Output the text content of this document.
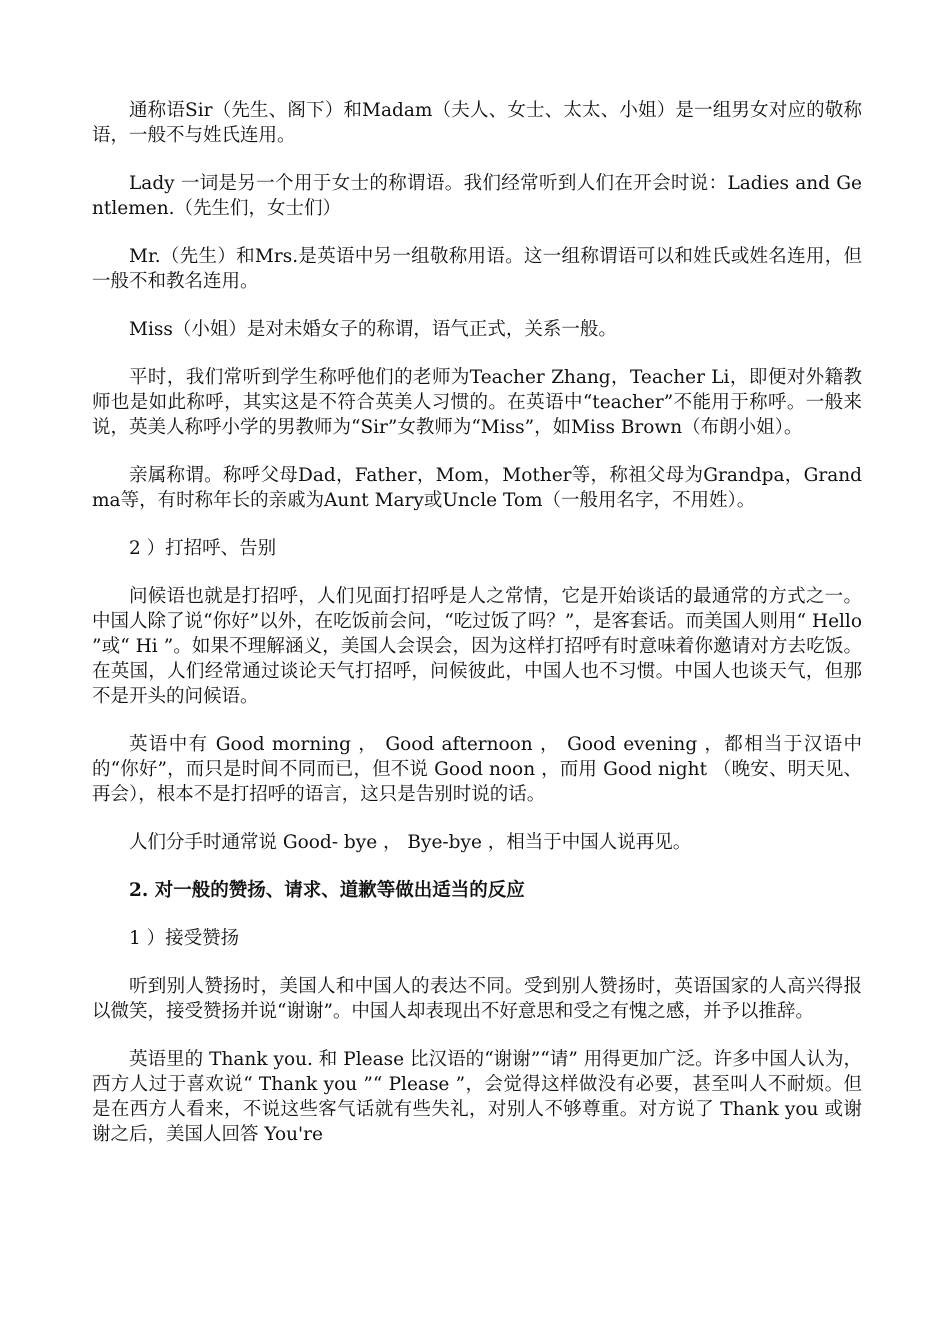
通称语Sir（先生、阁下）和Madam（夫人、女士、太太、小姐）是一组男女对应的敬称语，一般不与姓氏连用。

Lady 一词是另一个用于女士的称谓语。我们经常听到人们在开会时说：Ladies and Gentlemen.（先生们，女士们）

Mr.（先生）和Mrs.是英语中另一组敬称用语。这一组称谓语可以和姓氏或姓名连用，但一般不和教名连用。

Miss（小姐）是对未婚女子的称谓，语气正式，关系一般。

平时，我们常听到学生称呼他们的老师为Teacher Zhang，Teacher Li，即便对外籍教师也是如此称呼，其实这是不符合英美人习惯的。在英语中“teacher”不能用于称呼。一般来说，英美人称呼小学的男教师为“Sir”女教师为“Miss”，如Miss Brown（布朗小姐）。

亲属称谓。称呼父母Dad，Father，Mom，Mother等，称祖父母为Grandpa，Grandma等，有时称年长的亲戚为Aunt Mary或Uncle Tom（一般用名字，不用姓）。

2 ）打招呼、告别

问候语也就是打招呼，人们见面打招呼是人之常情，它是开始谈话的最通常的方式之一。中国人除了说“你好”以外，在吃饭前会问，“吃过饭了吗？”，是客套话。而美国人则用“ Hello ”或“ Hi ”。如果不理解涵义，美国人会误会，因为这样打招呼有时意味着你邀请对方去吃饭。在英国，人们经常通过谈论天气打招呼，问候彼此，中国人也不习惯。中国人也谈天气，但那不是开头的问候语。

英语中有 Good morning ， Good afternoon ， Good evening ，都相当于汉语中的“你好”，而只是时间不同而已，但不说 Good noon ，而用 Good night （晚安、明天见、再会），根本不是打招呼的语言，这只是告别时说的话。

人们分手时通常说 Good- bye ， Bye-bye ，相当于中国人说再见。

2. 对一般的赞扬、请求、道歉等做出适当的反应

1 ）接受赞扬

听到别人赞扬时，美国人和中国人的表达不同。受到别人赞扬时，英语国家的人高兴得报以微笑，接受赞扬并说“谢谢”。中国人却表现出不好意思和受之有愧之感，并予以推辞。

英语里的 Thank you. 和 Please 比汉语的“谢谢”“请” 用得更加广泛。许多中国人认为，西方人过于喜欢说“ Thank you ”“ Please ”，会觉得这样做没有必要，甚至叫人不耐烦。但是在西方人看来，不说这些客气话就有些失礼，对别人不够尊重。对方说了 Thank you 或谢谢之后，美国人回答 You're
